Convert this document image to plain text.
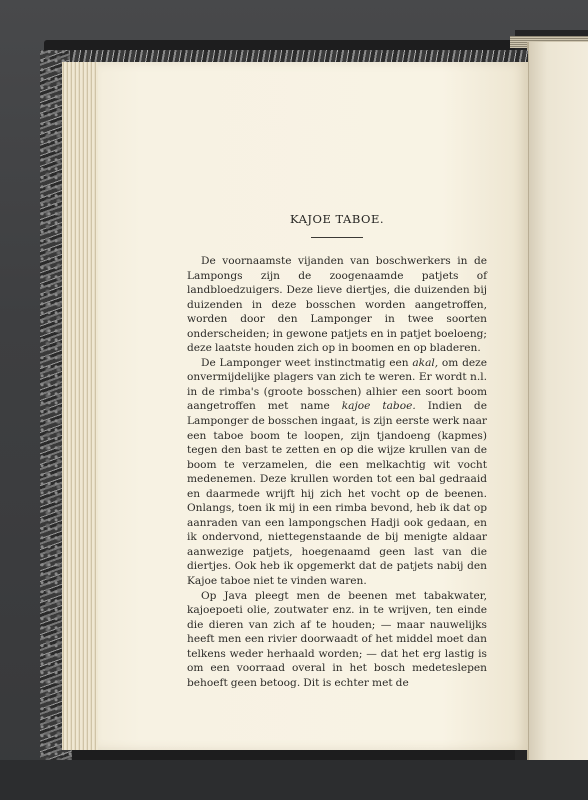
KAJOE TABOE.

De voornaamste vijanden van boschwerkers in de Lampongs zijn de zoogenaamde patjets of landbloedzuigers. Deze lieve diertjes, die duizenden bij duizenden in deze bosschen worden aangetroffen, worden door den Lamponger in twee soorten onderscheiden; in gewone patjets en in patjet boeloeng; deze laatste houden zich op in boomen en op bladeren.

De Lamponger weet instinctmatig een akal, om deze onvermijdelijke plagers van zich te weren. Er wordt n.l. in de rimba's (groote bosschen) alhier een soort boom aangetroffen met name kajoe taboe. Indien de Lamponger de bosschen ingaat, is zijn eerste werk naar een taboe boom te loopen, zijn tjandoeng (kapmes) tegen den bast te zetten en op die wijze krullen van de boom te verzamelen, die een melkachtig wit vocht medenemen. Deze krullen worden tot een bal gedraaid en daarmede wrijft hij zich het vocht op de beenen. Onlangs, toen ik mij in een rimba bevond, heb ik dat op aanraden van een lampongschen Hadji ook gedaan, en ik ondervond, niettegenstaande de bij menigte aldaar aanwezige patjets, hoegenaamd geen last van die diertjes. Ook heb ik opgemerkt dat de patjets nabij den Kajoe taboe niet te vinden waren.

Op Java pleegt men de beenen met tabakwater, kajoepoeti olie, zoutwater enz. in te wrijven, ten einde die dieren van zich af te houden; — maar nauwelijks heeft men een rivier doorwaadt of het middel moet dan telkens weder herhaald worden; — dat het erg lastig is om een voorraad overal in het bosch medeteslepen behoeft geen betoog. Dit is echter met de
